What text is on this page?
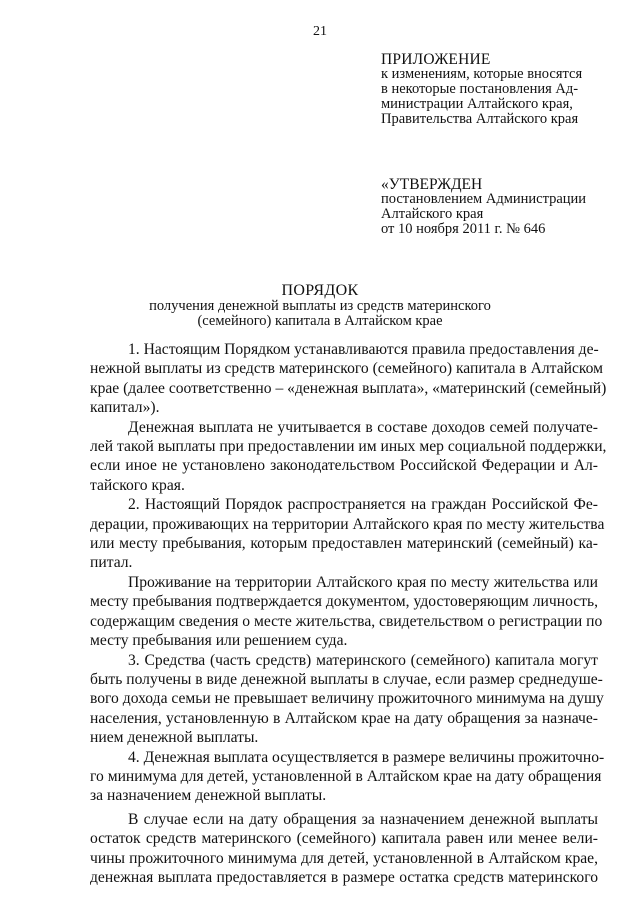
21
ПРИЛОЖЕНИЕ
к изменениям, которые вносятся
в некоторые постановления Ад-
министрации Алтайского края,
Правительства Алтайского края
«УТВЕРЖДЕН
постановлением Администрации
Алтайского края
от 10 ноября 2011 г. № 646
ПОРЯДОК
получения денежной выплаты из средств материнского
(семейного) капитала в Алтайском крае
1. Настоящим Порядком устанавливаются правила предоставления де-
нежной выплаты из средств материнского (семейного) капитала в Алтайском
крае (далее соответственно – «денежная выплата», «материнский (семейный)
капитал»).
Денежная выплата не учитывается в составе доходов семей получате-
лей такой выплаты при предоставлении им иных мер социальной поддержки,
если иное не установлено законодательством Российской Федерации и Ал-
тайского края.
2. Настоящий Порядок распространяется на граждан Российской Фе-
дерации, проживающих на территории Алтайского края по месту жительства
или месту пребывания, которым предоставлен материнский (семейный) ка-
питал.
Проживание на территории Алтайского края по месту жительства или
месту пребывания подтверждается документом, удостоверяющим личность,
содержащим сведения о месте жительства, свидетельством о регистрации по
месту пребывания или решением суда.
3. Средства (часть средств) материнского (семейного) капитала могут
быть получены в виде денежной выплаты в случае, если размер среднедуше-
вого дохода семьи не превышает величину прожиточного минимума на душу
населения, установленную в Алтайском крае на дату обращения за назначе-
нием денежной выплаты.
4. Денежная выплата осуществляется в размере величины прожиточно-
го минимума для детей, установленной в Алтайском крае на дату обращения
за назначением денежной выплаты.
В случае если на дату обращения за назначением денежной выплаты
остаток средств материнского (семейного) капитала равен или менее вели-
чины прожиточного минимума для детей, установленной в Алтайском крае,
денежная выплата предоставляется в размере остатка средств материнского
